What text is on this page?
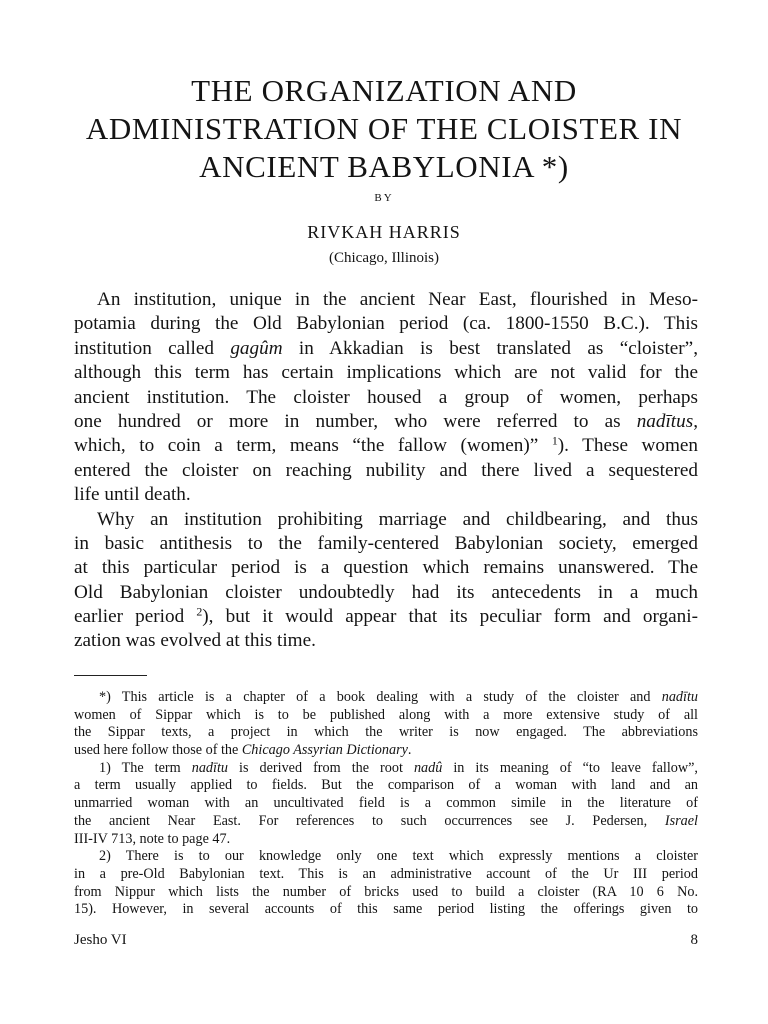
THE ORGANIZATION AND
ADMINISTRATION OF THE CLOISTER IN
ANCIENT BABYLONIA *)
BY
RIVKAH HARRIS
(Chicago, Illinois)
An institution, unique in the ancient Near East, flourished in Meso-
potamia during the Old Babylonian period (ca. 1800-1550 B.C.). This
institution called gagûm in Akkadian is best translated as “cloister”,
although this term has certain implications which are not valid for the
ancient institution. The cloister housed a group of women, perhaps
one hundred or more in number, who were referred to as nadītus,
which, to coin a term, means “the fallow (women)” $^1$). These women
entered the cloister on reaching nubility and there lived a sequestered
life until death.
Why an institution prohibiting marriage and childbearing, and thus
in basic antithesis to the family-centered Babylonian society, emerged
at this particular period is a question which remains unanswered. The
Old Babylonian cloister undoubtedly had its antecedents in a much
earlier period $^2$), but it would appear that its peculiar form and organi-
zation was evolved at this time.
*) This article is a chapter of a book dealing with a study of the cloister and nadītu
women of Sippar which is to be published along with a more extensive study of all
the Sippar texts, a project in which the writer is now engaged. The abbreviations
used here follow those of the Chicago Assyrian Dictionary.
1) The term nadītu is derived from the root nadû in its meaning of “to leave fallow”,
a term usually applied to fields. But the comparison of a woman with land and an
unmarried woman with an uncultivated field is a common simile in the literature of
the ancient Near East. For references to such occurrences see J. Pedersen, Israel
III-IV 713, note to page 47.
2) There is to our knowledge only one text which expressly mentions a cloister
in a pre-Old Babylonian text. This is an administrative account of the Ur III period
from Nippur which lists the number of bricks used to build a cloister (RA 10 6 No.
15). However, in several accounts of this same period listing the offerings given to
Jesho VI	8
